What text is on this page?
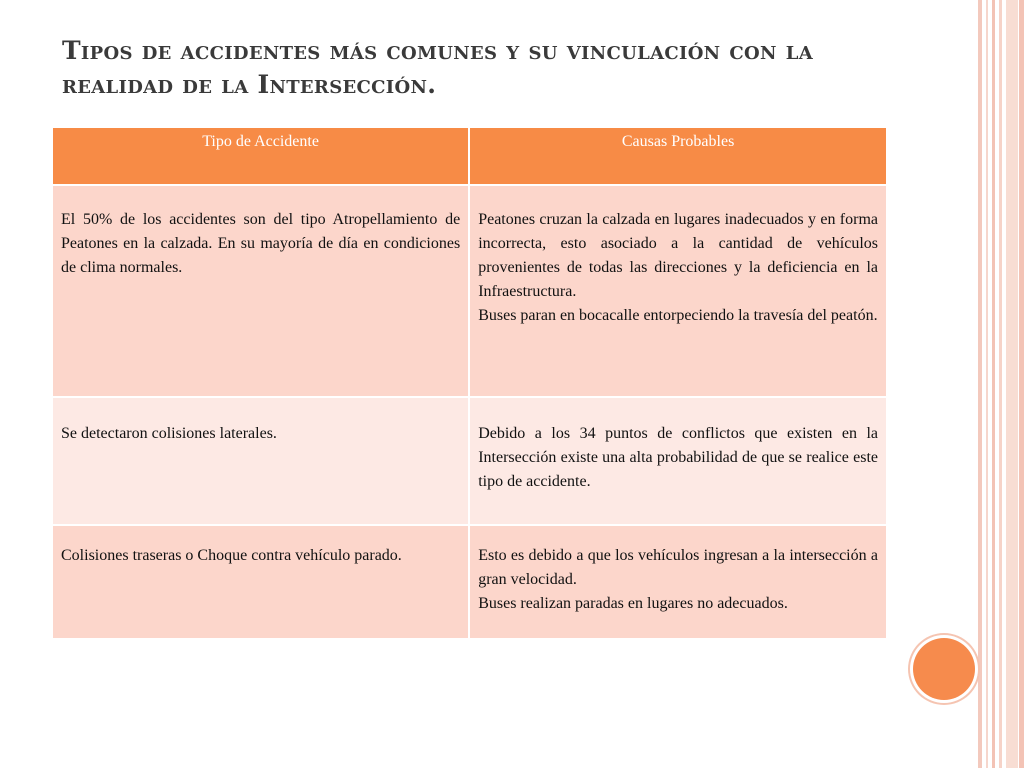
Tipos de accidentes más comunes y su vinculación con la realidad de la Intersección.
Tipo de Accidente	Causas Probables

El 50% de los accidentes son del tipo Atropellamiento de Peatones en la calzada. En su mayoría de día en condiciones de clima normales.	Peatones cruzan la calzada en lugares inadecuados y en forma incorrecta, esto asociado a la cantidad de vehículos provenientes de todas las direcciones y la deficiencia en la Infraestructura.
Buses paran en bocacalle entorpeciendo la travesía del peatón.

Se detectaron colisiones laterales.	Debido a los 34 puntos de conflictos que existen en la Intersección existe una alta probabilidad de que se realice este tipo de accidente.

Colisiones traseras o Choque contra vehículo parado.	Esto es debido a que los vehículos ingresan a la intersección a gran velocidad.
Buses realizan paradas en lugares no adecuados.
